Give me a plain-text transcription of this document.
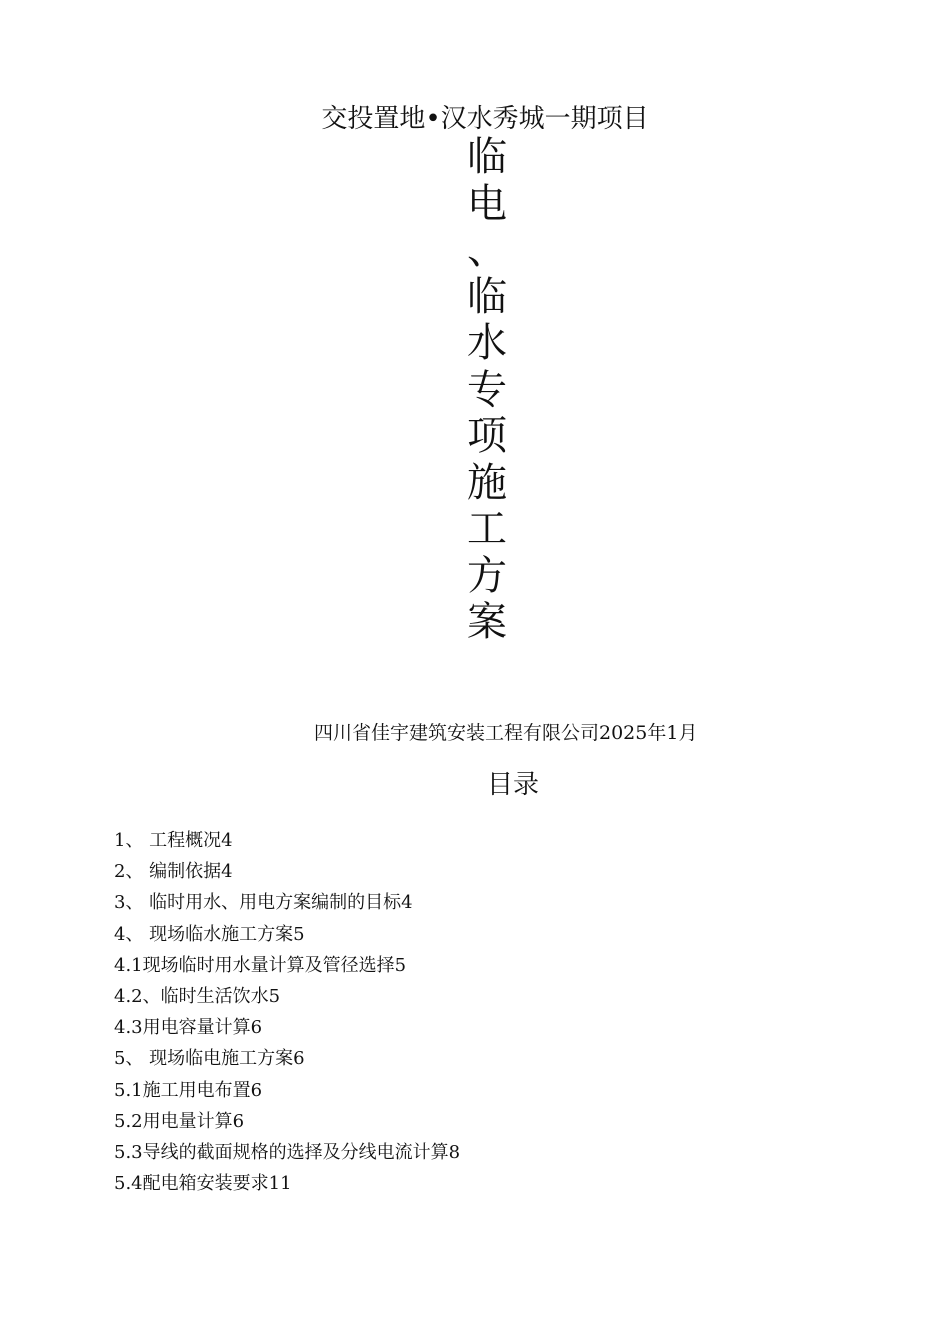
交投置地•汉水秀城一期项目
临
电
、
临
水
专
项
施
工
方
案
四川省佳宇建筑安装工程有限公司2025年1月
目录
1、 工程概况4
2、 编制依据4
3、 临时用水、用电方案编制的目标4
4、 现场临水施工方案5
4.1现场临时用水量计算及管径选择5
4.2、临时生活饮水5
4.3用电容量计算6
5、 现场临电施工方案6
5.1施工用电布置6
5.2用电量计算6
5.3导线的截面规格的选择及分线电流计算8
5.4配电箱安装要求11
